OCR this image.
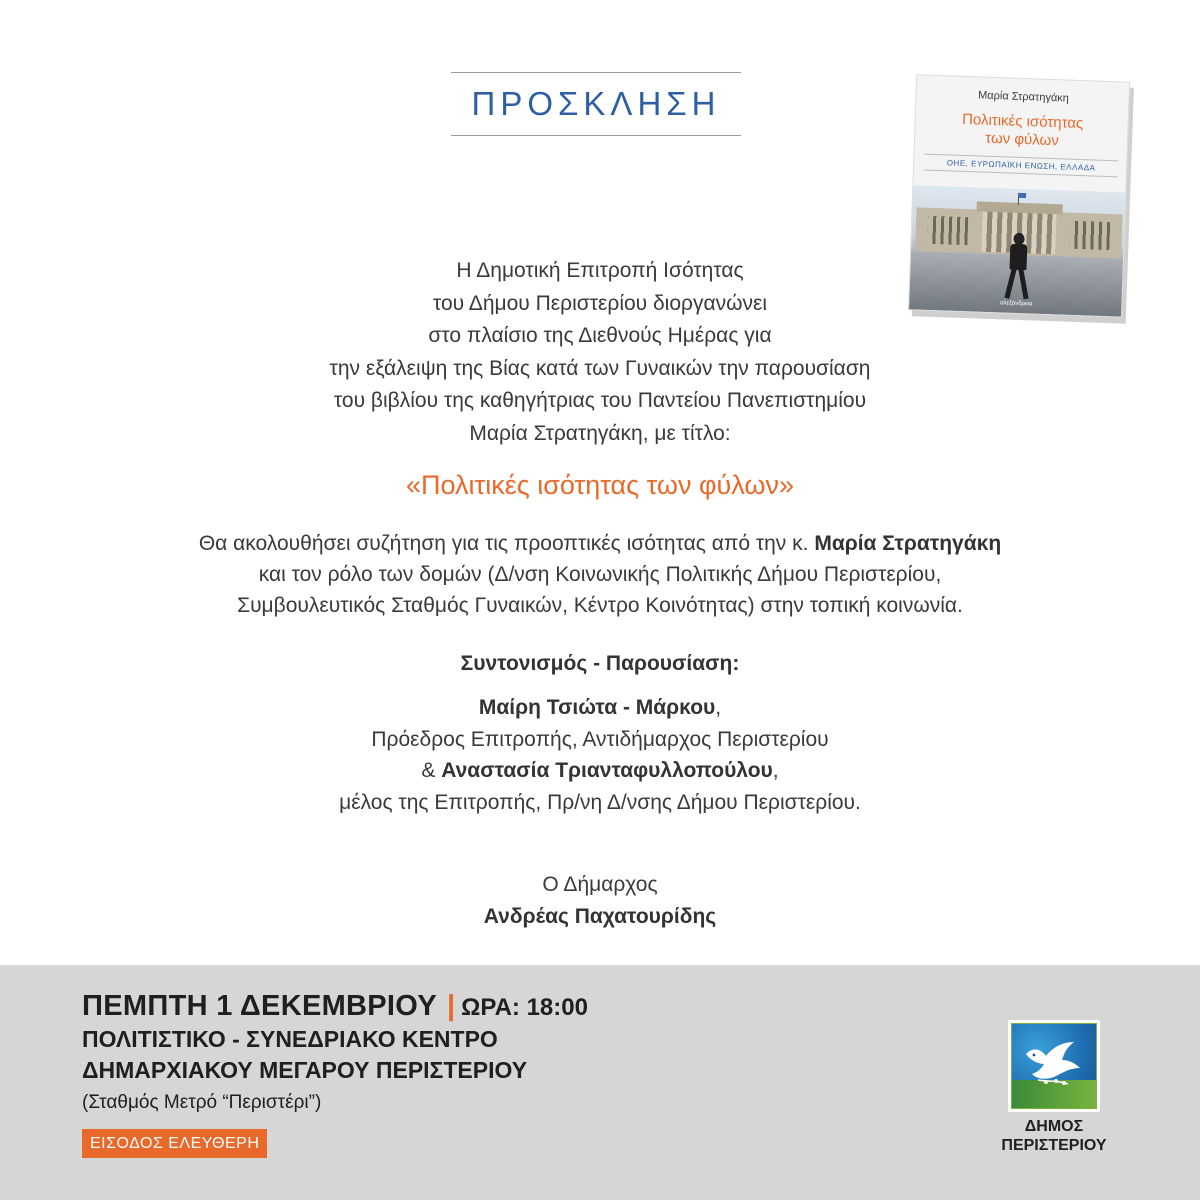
ΠΡΟΣΚΛΗΣΗ	Μαρία Στρατηγάκη
Πολιτικές ισότητας
των φύλων
ΟΗΕ, ΕΥΡΩΠΑΪΚΗ ΕΝΩΣΗ, ΕΛΛΑΔΑ
αλεξάνδρεια
Η Δημοτική Επιτροπή Ισότητας
του Δήμου Περιστερίου διοργανώνει
στο πλαίσιο της Διεθνούς Ημέρας για
την εξάλειψη της Βίας κατά των Γυναικών την παρουσίαση
του βιβλίου της καθηγήτριας του Παντείου Πανεπιστημίου
Μαρία Στρατηγάκη, με τίτλο:
«Πολιτικές ισότητας των φύλων»
Θα ακολουθήσει συζήτηση για τις προοπτικές ισότητας από την κ. Μαρία Στρατηγάκη
και τον ρόλο των δομών (Δ/νση Κοινωνικής Πολιτικής Δήμου Περιστερίου,
Συμβουλευτικός Σταθμός Γυναικών, Κέντρο Κοινότητας) στην τοπική κοινωνία.
Συντονισμός - Παρουσίαση:
Μαίρη Τσιώτα - Μάρκου,
Πρόεδρος Επιτροπής, Αντιδήμαρχος Περιστερίου
& Αναστασία Τριανταφυλλοπούλου,
μέλος της Επιτροπής, Πρ/νη Δ/νσης Δήμου Περιστερίου.
Ο Δήμαρχος
Ανδρέας Παχατουρίδης
ΠΕΜΠΤΗ 1 ΔΕΚΕΜΒΡΙΟΥ | ΩΡΑ: 18:00
ΠΟΛΙΤΙΣΤΙΚΟ - ΣΥΝΕΔΡΙΑΚΟ ΚΕΝΤΡΟ
ΔΗΜΑΡΧΙΑΚΟΥ ΜΕΓΑΡΟΥ ΠΕΡΙΣΤΕΡΙΟΥ
(Σταθμός Μετρό “Περιστέρι”)
ΕΙΣΟΔΟΣ ΕΛΕΥΘΕΡΗ
ΔΗΜΟΣ
ΠΕΡΙΣΤΕΡΙΟΥ
